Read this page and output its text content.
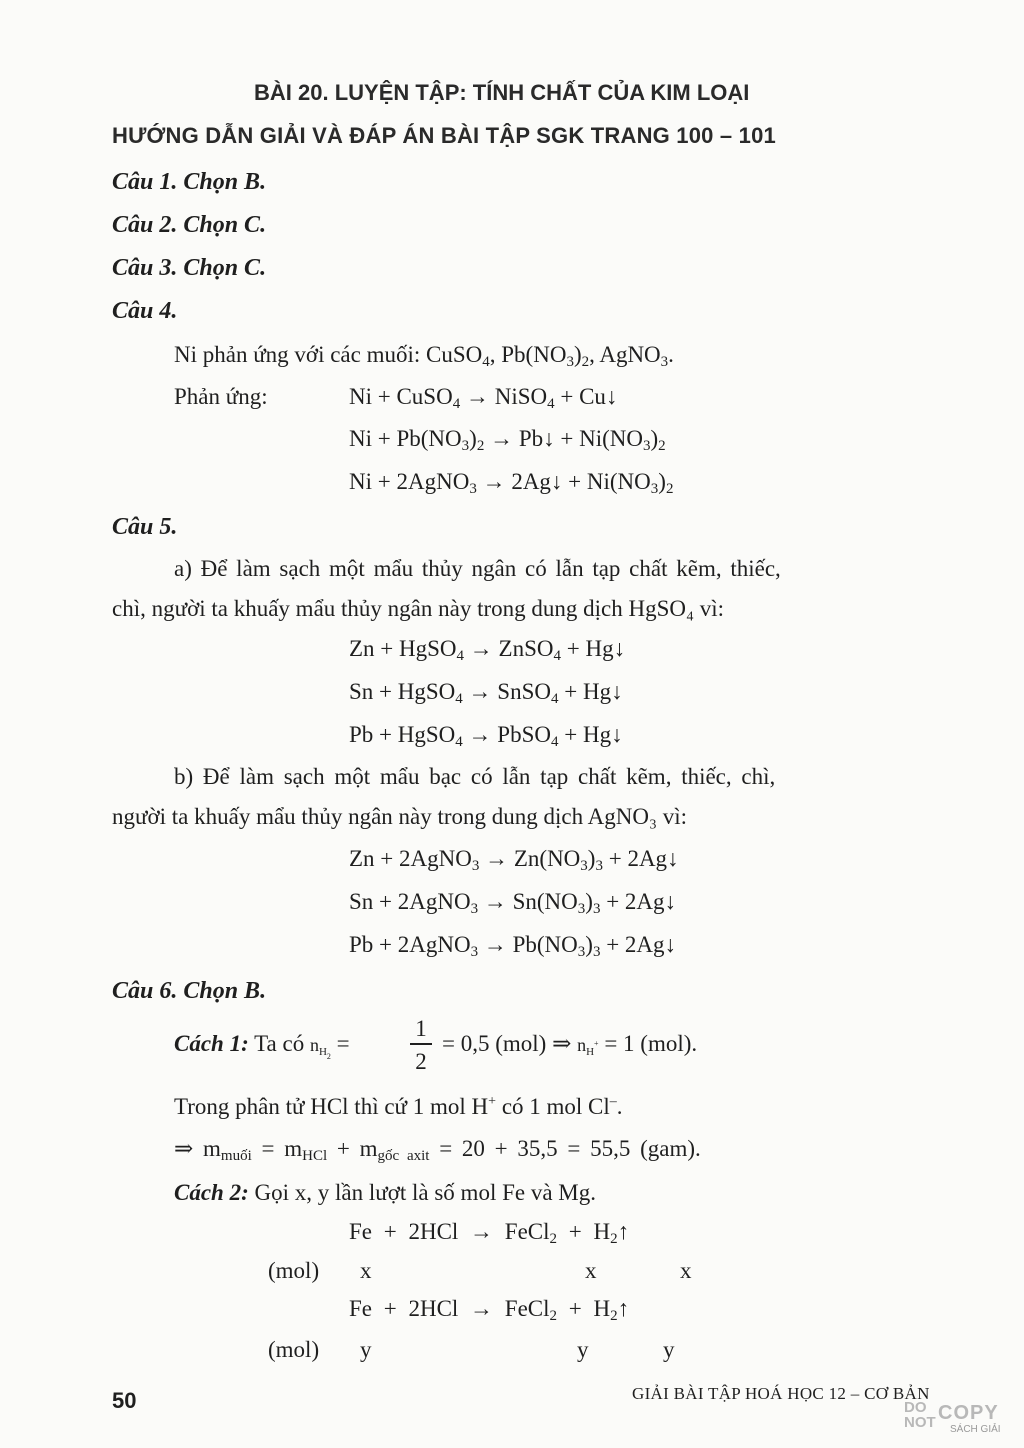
BÀI 20. LUYỆN TẬP: TÍNH CHẤT CỦA KIM LOẠI
HƯỚNG DẪN GIẢI VÀ ĐÁP ÁN BÀI TẬP SGK TRANG 100 – 101
Câu 1. Chọn B.
Câu 2. Chọn C.
Câu 3. Chọn C.
Câu 4.
Ni phản ứng với các muối: CuSO$_4$, $Pb(NO_3)_2$, AgNO$_3$.
Phản ứng:	Ni + CuSO$_4$ → NiSO$_4$ + Cu↓
$Ni + Pb(NO_3)_2$ → Pb↓ + $Ni(NO_3)_2$
Ni + 2AgNO$_3$ → 2Ag↓ + $Ni(NO_3)_2$
Câu 5.
a) Để làm sạch một mẩu thủy ngân có lẫn tạp chất kẽm, thiếc,
chì, người ta khuấy mẩu thủy ngân này trong dung dịch HgSO₄ vì:
Zn + HgSO$_4$ → ZnSO$_4$ + Hg↓
Sn + HgSO$_4$ → SnSO$_4$ + Hg↓
Pb + HgSO$_4$ → PbSO$_4$ + Hg↓
b) Để làm sạch một mẩu bạc có lẫn tạp chất kẽm, thiếc, chì,
người ta khuấy mẩu thủy ngân này trong dung dịch AgNO₃ vì:
Zn + 2AgNO$_3$ → $Zn(NO_3)_3$ + 2Ag↓
Sn + 2AgNO$_3$ → $Sn(NO_3)_3$ + 2Ag↓
Pb + 2AgNO$_3$ → $Pb(NO_3)_3$ + 2Ag↓
Câu 6. Chọn B.
Cách 1: Ta có $n_{H_2}$ =
1
2
= 0,5 (mol) ⇒ $n_{H^+} = 1$ (mol).
Trong phân tử HCl thì cứ 1 mol H+ có 1 mol Cl–.
⇒ $m_{muối} = m_{HCl} + m_{gốc axit} = 20 + 35,5 = 55,5$ (gam).
Cách 2: Gọi x, y lần lượt là số mol Fe và Mg.
Fe + 2HCl → FeCl$_2$ + $H_2↑$
(mol) x	x	x
Fe + 2HCl → FeCl$_2$ + $H_2↑$
(mol) y	y	y
50	GIẢI BÀI TẬP HOÁ HỌC 12 – CƠ BẢN
DO NOT COPY
SÁCH GIẢI
